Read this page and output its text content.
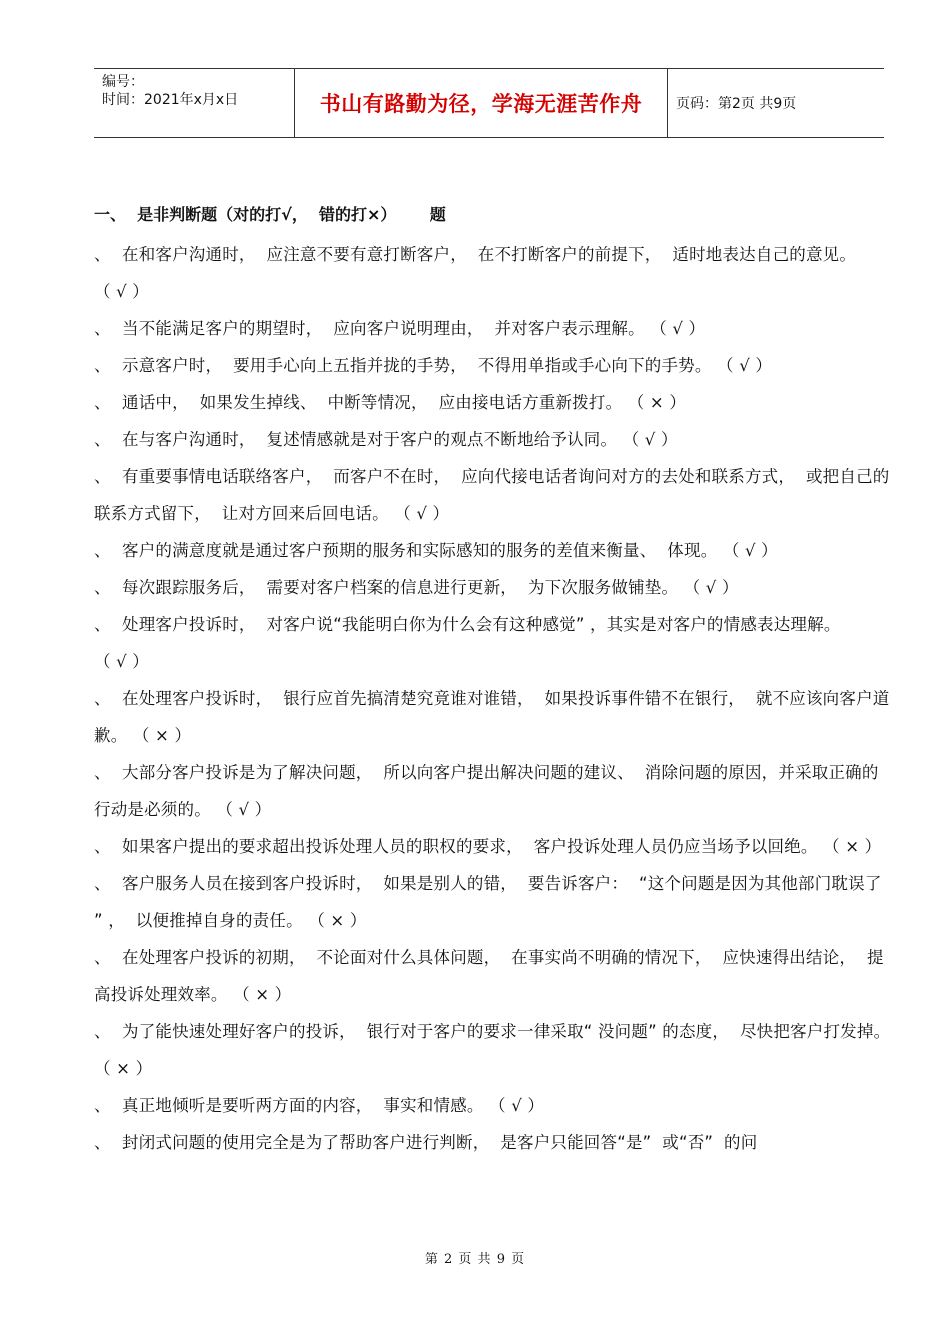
编号：
时间：2021年x月x日	书山有路勤为径，学海无涯苦作舟	页码：第2页 共9页
一、  是非判断题（对的打√，  错的打×）      题
、 在和客户沟通时，  应注意不要有意打断客户，  在不打断客户的前提下，  适时地表达自己的意见。 （ √ ）
、 当不能满足客户的期望时，  应向客户说明理由，  并对客户表示理解。 （ √ ）
、 示意客户时，  要用手心向上五指并拢的手势，  不得用单指或手心向下的手势。 （ √ ）
、 通话中，  如果发生掉线、  中断等情况，  应由接电话方重新拨打。 （ × ）
、 在与客户沟通时，  复述情感就是对于客户的观点不断地给予认同。 （ √ ）
、 有重要事情电话联络客户，  而客户不在时，  应向代接电话者询问对方的去处和联系方式，  或把自己的联系方式留下，  让对方回来后回电话。 （ √ ）
、 客户的满意度就是通过客户预期的服务和实际感知的服务的差值来衡量、  体现。 （ √ ）
、 每次跟踪服务后，  需要对客户档案的信息进行更新，  为下次服务做铺垫。 （ √ ）
、 处理客户投诉时，  对客户说“我能明白你为什么会有这种感觉” ，其实是对客户的情感表达理解。 （ √ ）
、 在处理客户投诉时，  银行应首先搞清楚究竟谁对谁错，  如果投诉事件错不在银行，  就不应该向客户道歉。 （ × ）
、 大部分客户投诉是为了解决问题，  所以向客户提出解决问题的建议、  消除问题的原因，并采取正确的行动是必须的。 （ √ ）
、 如果客户提出的要求超出投诉处理人员的职权的要求，  客户投诉处理人员仍应当场予以回绝。 （ × ）
、 客户服务人员在接到客户投诉时，  如果是别人的错，  要告诉客户：  “这个问题是因为其他部门耽误了 ” ，  以便推掉自身的责任。 （ × ）
、 在处理客户投诉的初期，  不论面对什么具体问题，  在事实尚不明确的情况下，  应快速得出结论，  提高投诉处理效率。 （ × ）
、 为了能快速处理好客户的投诉，  银行对于客户的要求一律采取“ 没问题” 的态度，  尽快把客户打发掉。 （ × ）
、 真正地倾听是要听两方面的内容，  事实和情感。 （ √ ）
、 封闭式问题的使用完全是为了帮助客户进行判断，  是客户只能回答“是”  或“否”  的问
第 2 页 共 9 页
